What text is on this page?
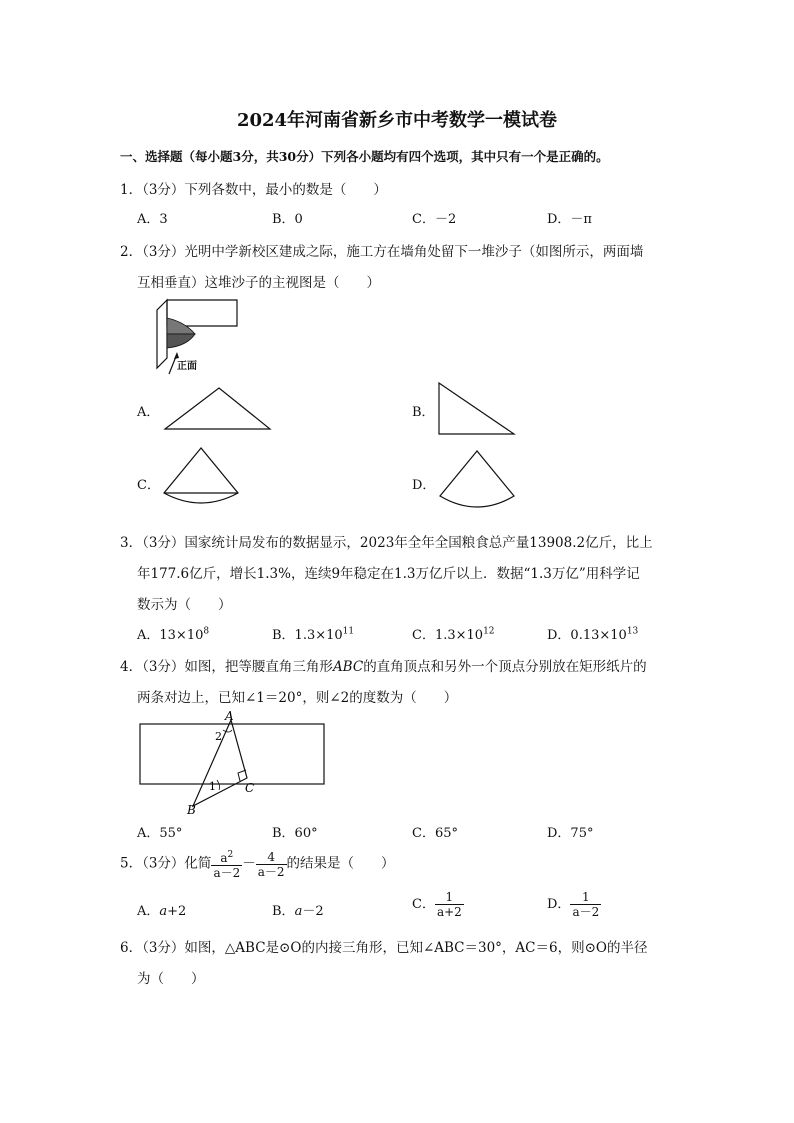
2024年河南省新乡市中考数学一模试卷
一、选择题（每小题3分，共30分）下列各小题均有四个选项，其中只有一个是正确的。
1．（3分）下列各数中，最小的数是（　　）
A．3	B．0	C．－2	D．－π
2．（3分）光明中学新校区建成之际，施工方在墙角处留下一堆沙子（如图所示，两面墙
互相垂直）这堆沙子的主视图是（　　）
正面
A．	B．
C．	D．
3．（3分）国家统计局发布的数据显示，2023年全年全国粮食总产量13908.2亿斤，比上
年177.6亿斤，增长1.3%，连续9年稳定在1.3万亿斤以上．数据“1.3万亿”用科学记
数示为（　　）
A．$13\times 10^8$	B．$1.3\times 10^{11}$	C．$1.3\times 10^{12}$	D．$0.13\times 10^{13}$
4．（3分）如图，把等腰直角三角形ABC的直角顶点和另外一个顶点分别放在矩形纸片的
两条对边上，已知∠1＝20°，则∠2的度数为（　　）
A
B
C
1
2
A．55°	B．60°	C．65°	D．75°
5．（3分）化简 $\frac{a^2}{a-2} - \frac{4}{a-2}$ 的结果是（　　）
A．a+2	B．a－2	C． $\frac{1}{a+2}$	D． $\frac{1}{a-2}$
6．（3分）如图，△ABC是⊙O的内接三角形，已知∠ABC＝30°，AC＝6，则⊙O的半径
为（　　）
